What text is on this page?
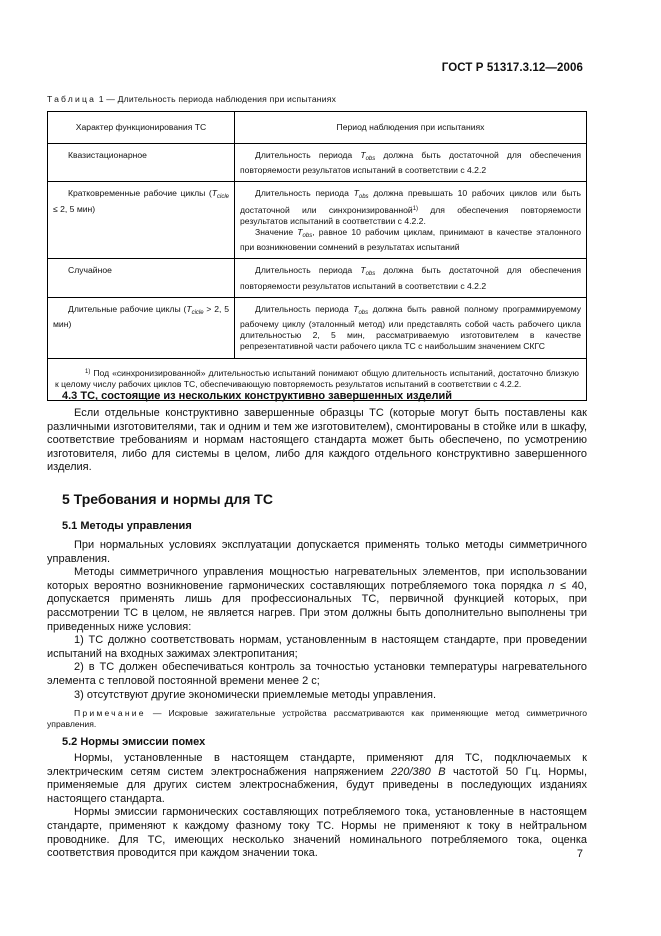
ГОСТ Р 51317.3.12—2006
Таблица 1 — Длительность периода наблюдения при испытаниях
Характер функционирования ТС	Период наблюдения при испытаниях

Квазистационарное	Длительность периода $T_{obs}$ должна быть достаточной для обеспечения повторяемости результатов испытаний в соответствии с 4.2.2

Кратковременные рабочие циклы ($T_{cicle} \le 2$, 5 мин)	Длительность периода $T_{obs}$ должна превышать 10 рабочих циклов или быть достаточной или синхронизированной$^{1)}$ для обеспечения повторяемости результатов испытаний в соответствии с 4.2.2.

Значение $T_{obs}$, равное 10 рабочим циклам, принимают в качестве эталонного при возникновении сомнений в результатах испытаний

Случайное	Длительность периода $T_{obs}$ должна быть достаточной для обеспечения повторяемости результатов испытаний в соответствии с 4.2.2

Длительные рабочие циклы ($T_{cicle} > 2$, 5 мин)	Длительность периода $T_{obs}$ должна быть равной полному программируемому рабочему циклу (эталонный метод) или представлять собой часть рабочего цикла длительностью 2, 5 мин, рассматриваемую изготовителем в качестве репрезентативной части рабочего цикла ТС с наибольшим значением СКГС

$^{1)}$ Под «синхронизированной» длительностью испытаний понимают общую длительность испытаний, достаточно близкую к целому числу рабочих циклов ТС, обеспечивающую повторяемость результатов испытаний в соответствии с 4.2.2.	

4.3 ТС, состоящие из нескольких конструктивно завершенных изделий

Если отдельные конструктивно завершенные образцы ТС (которые могут быть поставлены как различными изготовителями, так и одним и тем же изготовителем), смонтированы в стойке или в шкафу, соответствие требованиям и нормам настоящего стандарта может быть обеспечено, по усмотрению изготовителя, либо для системы в целом, либо для каждого отдельного конструктивно завершенного изделия.

5 Требования и нормы для ТС
5.1 Методы управления

При нормальных условиях эксплуатации допускается применять только методы симметричного управления.

Методы симметричного управления мощностью нагревательных элементов, при использовании которых вероятно возникновение гармонических составляющих потребляемого тока порядка n ≤ 40, допускается применять лишь для профессиональных ТС, первичной функцией которых, при рассмотрении ТС в целом, не является нагрев. При этом должны быть дополнительно выполнены три приведенных ниже условия:

1) ТС должно соответствовать нормам, установленным в настоящем стандарте, при проведении испытаний на входных зажимах электропитания;

2) в ТС должен обеспечиваться контроль за точностью установки температуры нагревательного элемента с тепловой постоянной времени менее 2 с;

3) отсутствуют другие экономически приемлемые методы управления.

Примечание — Искровые зажигательные устройства рассматриваются как применяющие метод симметричного управления.

5.2 Нормы эмиссии помех

Нормы, установленные в настоящем стандарте, применяют для ТС, подключаемых к электрическим сетям систем электроснабжения напряжением 220/380 В частотой 50 Гц. Нормы, применяемые для других систем электроснабжения, будут приведены в последующих изданиях настоящего стандарта.

Нормы эмиссии гармонических составляющих потребляемого тока, установленные в настоящем стандарте, применяют к каждому фазному току ТС. Нормы не применяют к току в нейтральном проводнике. Для ТС, имеющих несколько значений номинального потребляемого тока, оценка соответствия проводится при каждом значении тока.	7
